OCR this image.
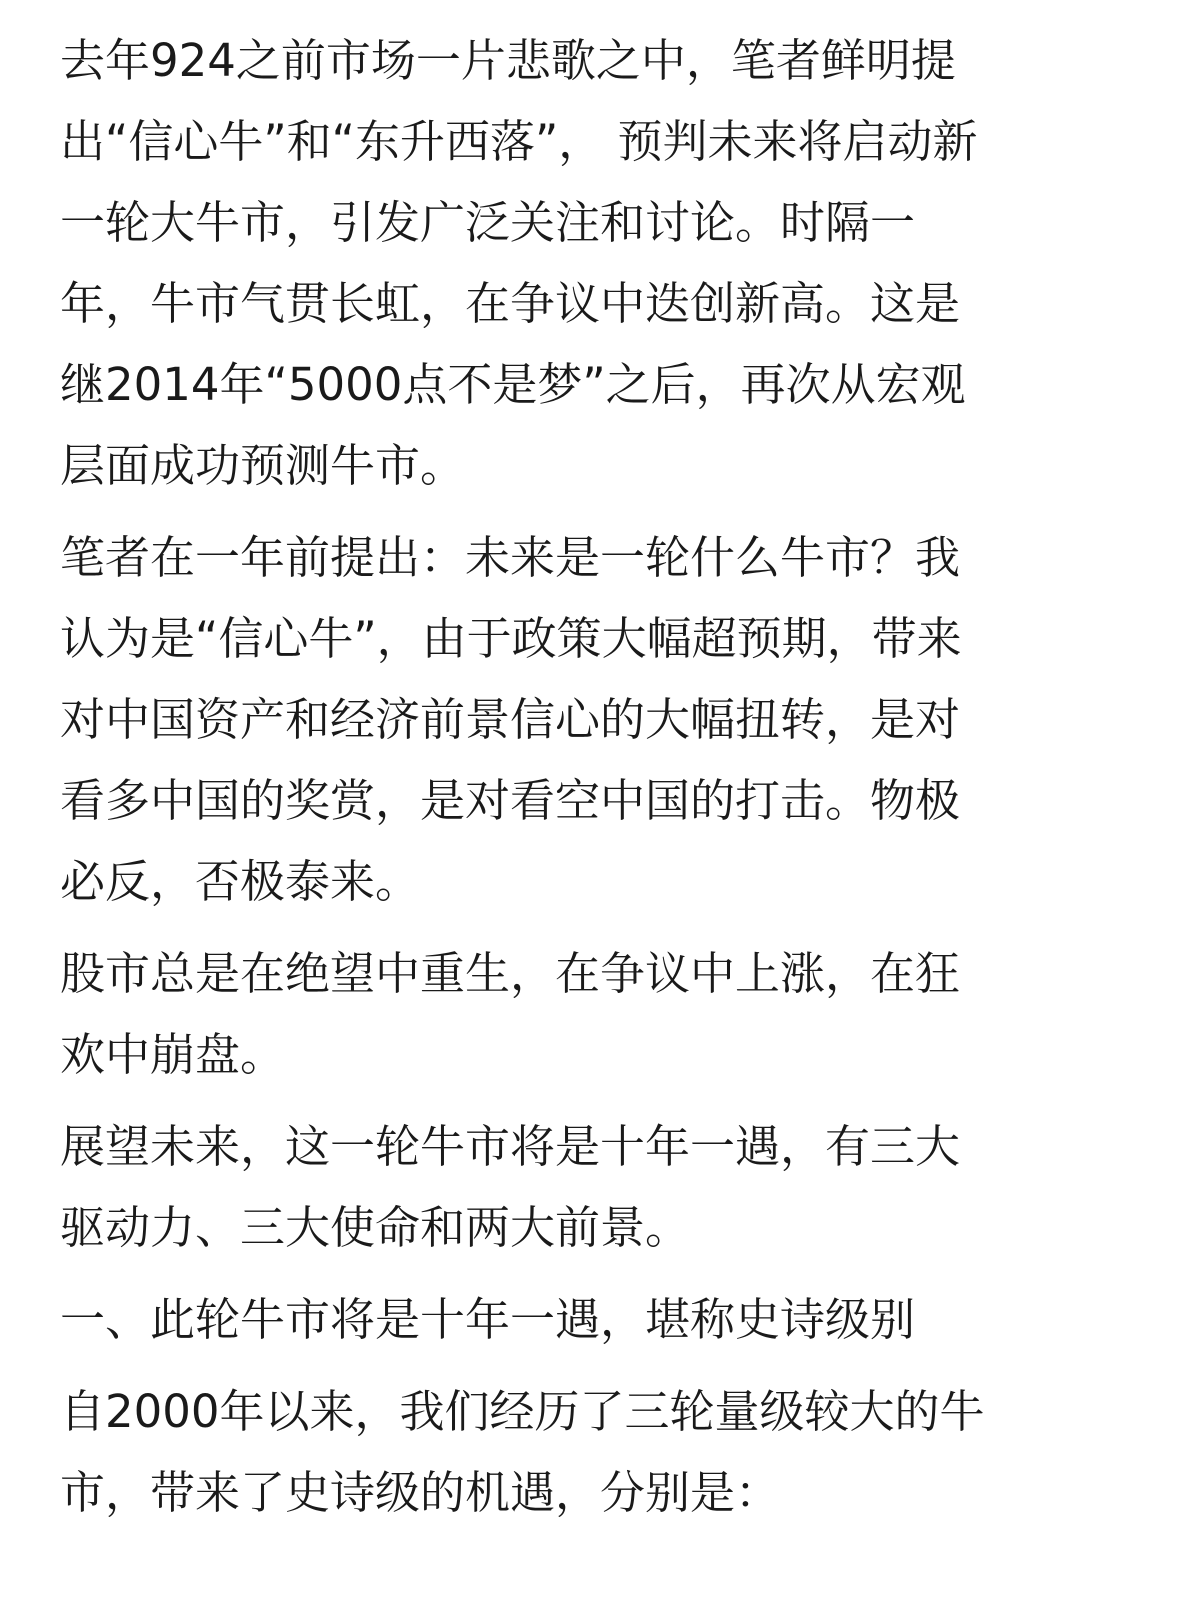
去年924之前市场一片悲歌之中，笔者鲜明提
出“信心牛”和“东升西落”， 预判未来将启动新
一轮大牛市，引发广泛关注和讨论。时隔一
年，牛市气贯长虹，在争议中迭创新高。这是
继2014年“5000点不是梦”之后，再次从宏观
层面成功预测牛市。

笔者在一年前提出：未来是一轮什么牛市？我
认为是“信心牛”，由于政策大幅超预期，带来
对中国资产和经济前景信心的大幅扭转，是对
看多中国的奖赏，是对看空中国的打击。物极
必反，否极泰来。

股市总是在绝望中重生，在争议中上涨，在狂
欢中崩盘。

展望未来，这一轮牛市将是十年一遇，有三大
驱动力、三大使命和两大前景。

一、此轮牛市将是十年一遇，堪称史诗级别

自2000年以来，我们经历了三轮量级较大的牛
市，带来了史诗级的机遇，分别是：
